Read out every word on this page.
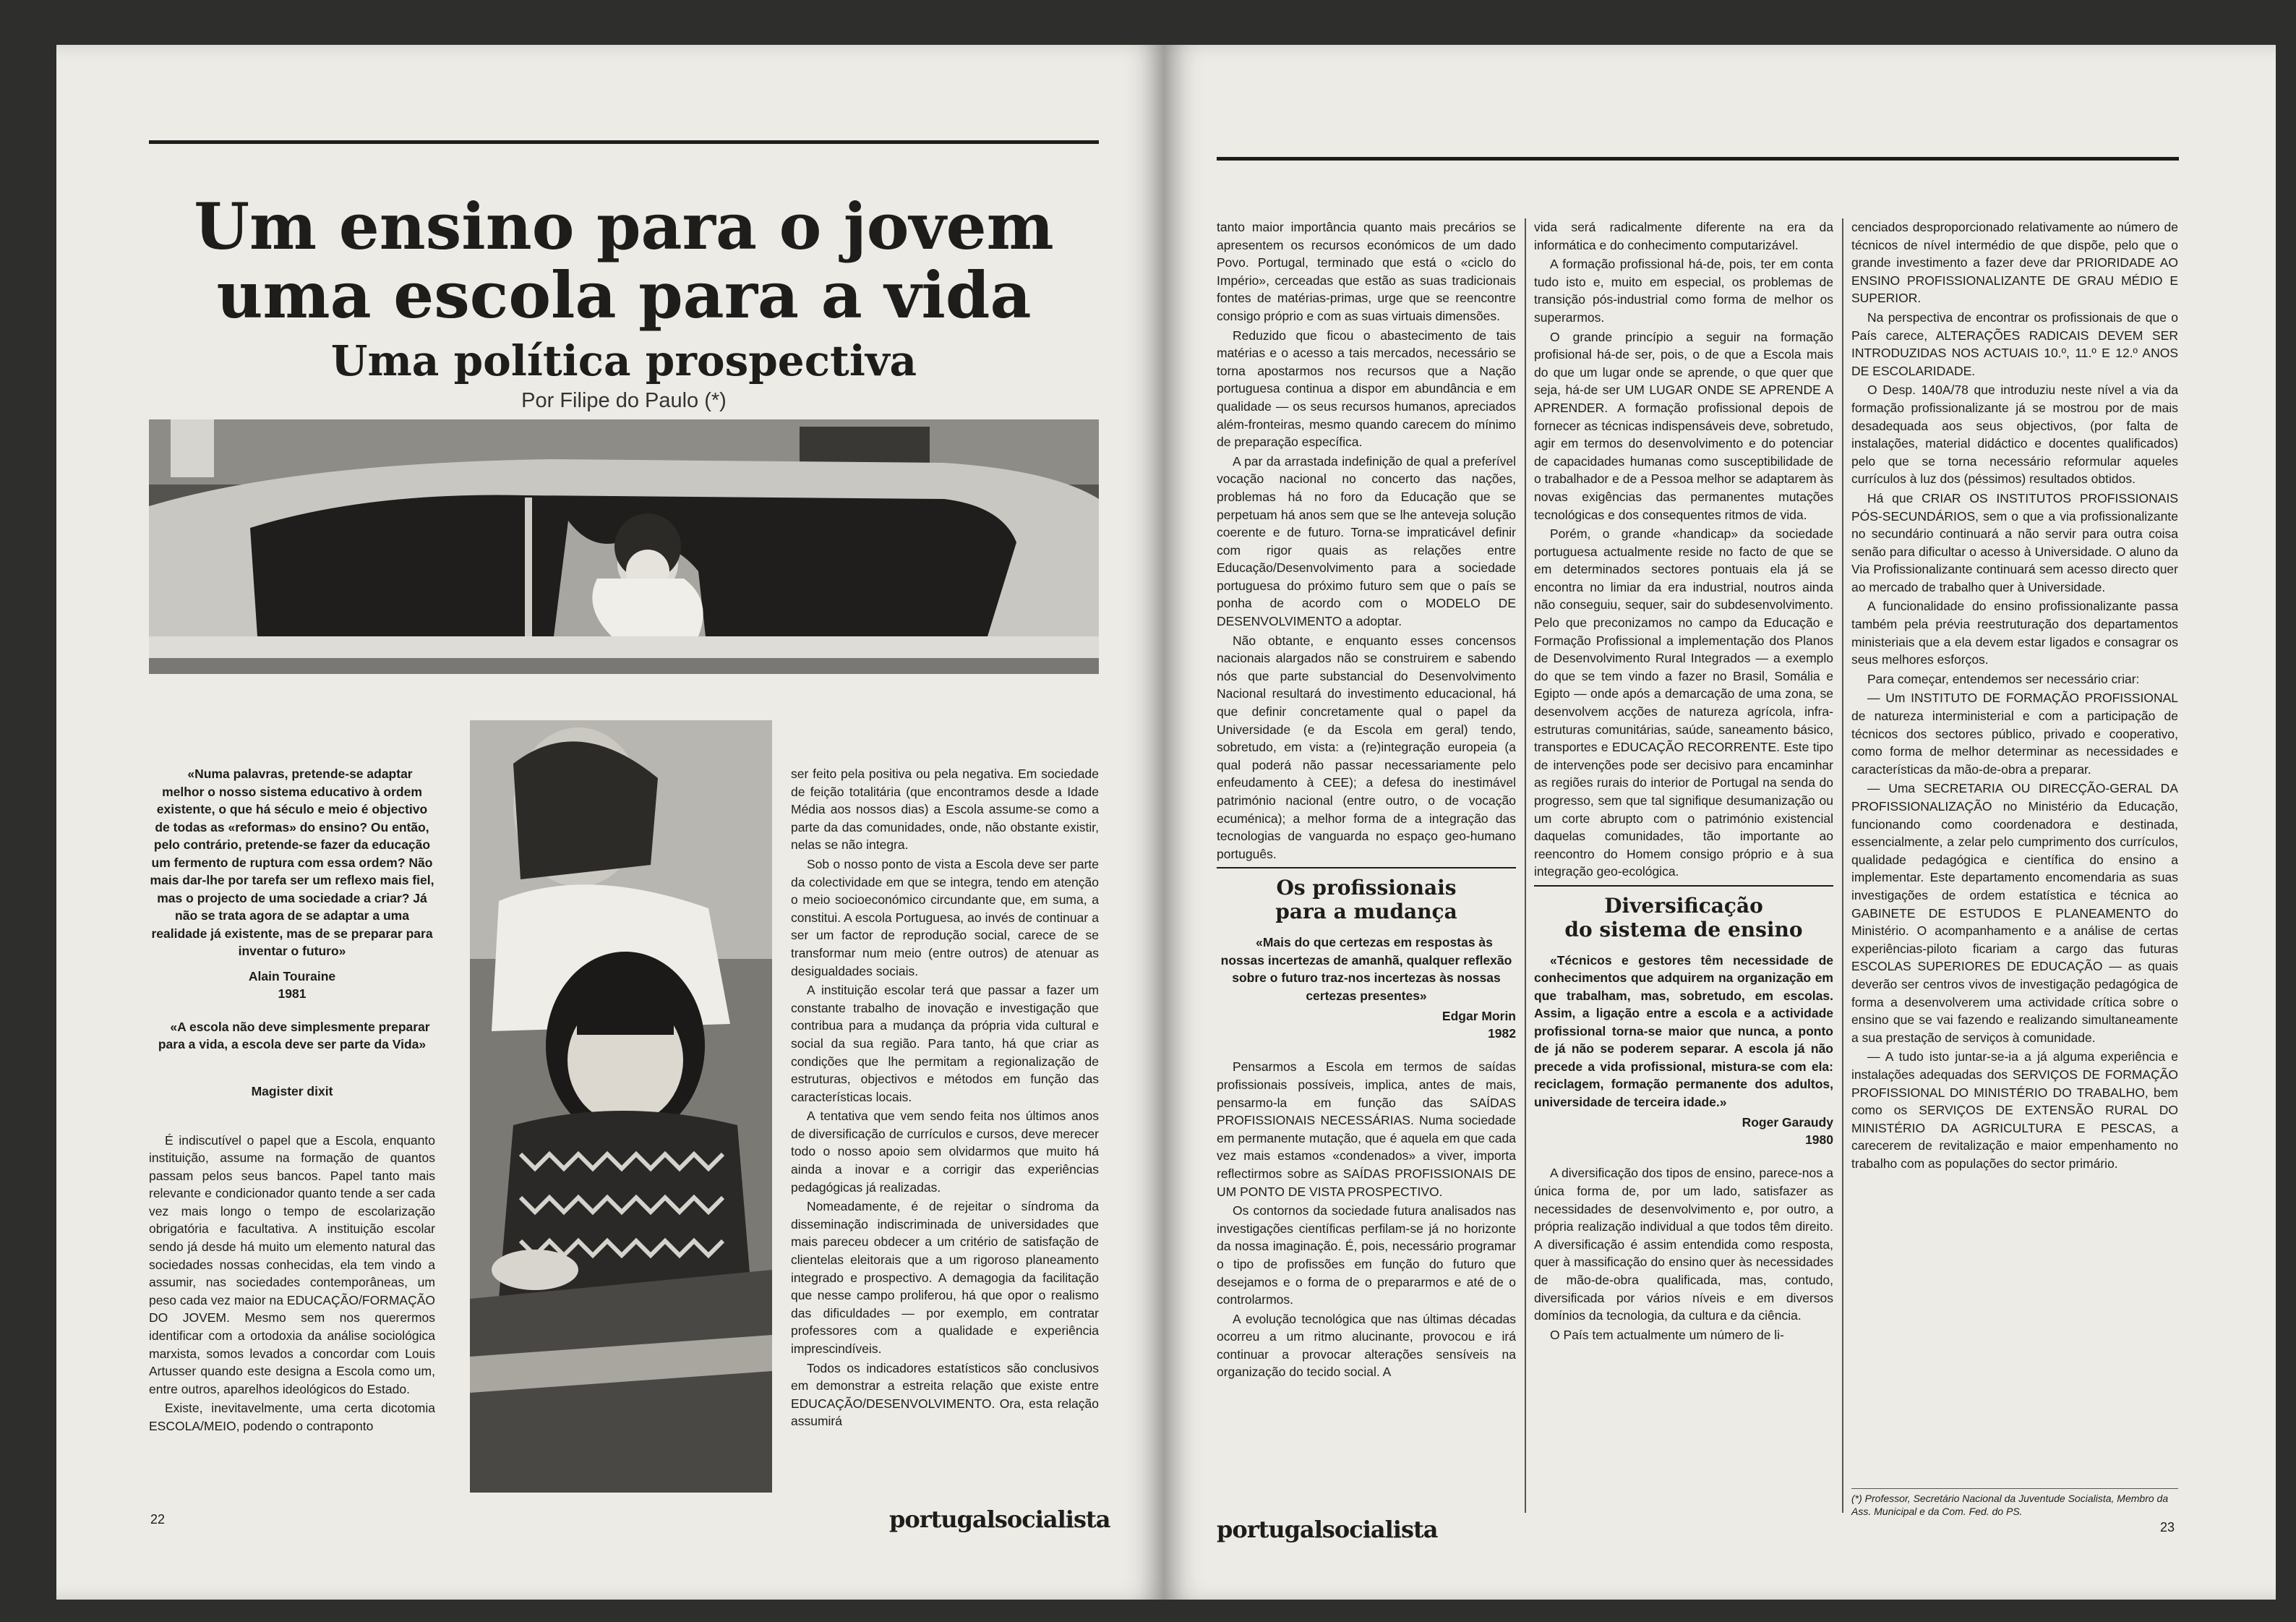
Um ensino para o jovem
uma escola para a vida
Uma política prospectiva
Por Filipe do Paulo (*)

«Numa palavras, pretende-se adaptar melhor o nosso sistema educativo à ordem existente, o que há século e meio é objectivo de todas as «reformas» do ensino? Ou então, pelo contrário, pretende-se fazer da educação um fermento de ruptura com essa ordem? Não mais dar-lhe por tarefa ser um reflexo mais fiel, mas o projecto de uma sociedade a criar? Já não se trata agora de se adaptar a uma realidade já existente, mas de se preparar para inventar o futuro»

Alain Touraine
1981

«A escola não deve simplesmente preparar para a vida, a escola deve ser parte da Vida»

Magister dixit

É indiscutível o papel que a Escola, enquanto instituição, assume na formação de quantos passam pelos seus bancos. Papel tanto mais relevante e condicionador quanto tende a ser cada vez mais longo o tempo de escolarização obrigatória e facultativa. A instituição escolar sendo já desde há muito um elemento natural das sociedades nossas conhecidas, ela tem vindo a assumir, nas sociedades contemporâneas, um peso cada vez maior na EDUCAÇÃO/FORMAÇÃO DO JOVEM. Mesmo sem nos querermos identificar com a ortodoxia da análise sociológica marxista, somos levados a concordar com Louis Artusser quando este designa a Escola como um, entre outros, aparelhos ideológicos do Estado.

Existe, inevitavelmente, uma certa dicotomia ESCOLA/MEIO, podendo o contraponto

ser feito pela positiva ou pela negativa. Em sociedade de feição totalitária (que encontramos desde a Idade Média aos nossos dias) a Escola assume-se como a parte da das comunidades, onde, não obstante existir, nelas se não integra.

Sob o nosso ponto de vista a Escola deve ser parte da colectividade em que se integra, tendo em atenção o meio socioeconómico circundante que, em suma, a constitui. A escola Portuguesa, ao invés de continuar a ser um factor de reprodução social, carece de se transformar num meio (entre outros) de atenuar as desigualdades sociais.

A instituição escolar terá que passar a fazer um constante trabalho de inovação e investigação que contribua para a mudança da própria vida cultural e social da sua região. Para tanto, há que criar as condições que lhe permitam a regionalização de estruturas, objectivos e métodos em função das características locais.

A tentativa que vem sendo feita nos últimos anos de diversificação de currículos e cursos, deve merecer todo o nosso apoio sem olvidarmos que muito há ainda a inovar e a corrigir das experiências pedagógicas já realizadas.

Nomeadamente, é de rejeitar o síndroma da disseminação indiscriminada de universidades que mais pareceu obdecer a um critério de satisfação de clientelas eleitorais que a um rigoroso planeamento integrado e prospectivo. A demagogia da facilitação que nesse campo proliferou, há que opor o realismo das dificuldades — por exemplo, em contratar professores com a qualidade e experiência imprescindíveis.

Todos os indicadores estatísticos são conclusivos em demonstrar a estreita relação que existe entre EDUCAÇÃO/DESENVOLVIMENTO. Ora, esta relação assumirá

22	portugalsocialista

tanto maior importância quanto mais precários se apresentem os recursos económicos de um dado Povo. Portugal, terminado que está o «ciclo do Império», cerceadas que estão as suas tradicionais fontes de matérias-primas, urge que se reencontre consigo próprio e com as suas virtuais dimensões.

Reduzido que ficou o abastecimento de tais matérias e o acesso a tais mercados, necessário se torna apostarmos nos recursos que a Nação portuguesa continua a dispor em abundância e em qualidade — os seus recursos humanos, apreciados além-fronteiras, mesmo quando carecem do mínimo de preparação específica.

A par da arrastada indefinição de qual a preferível vocação nacional no concerto das nações, problemas há no foro da Educação que se perpetuam há anos sem que se lhe anteveja solução coerente e de futuro. Torna-se impraticável definir com rigor quais as relações entre Educação/Desenvolvimento para a sociedade portuguesa do próximo futuro sem que o país se ponha de acordo com o MODELO DE DESENVOLVIMENTO a adoptar.

Não obtante, e enquanto esses concensos nacionais alargados não se construirem e sabendo nós que parte substancial do Desenvolvimento Nacional resultará do investimento educacional, há que definir concretamente qual o papel da Universidade (e da Escola em geral) tendo, sobretudo, em vista: a (re)integração europeia (a qual poderá não passar necessariamente pelo enfeudamento à CEE); a defesa do inestimável património nacional (entre outro, o de vocação ecuménica); a melhor forma de a integração das tecnologias de vanguarda no espaço geo-humano português.

Os profissionais
para a mudança

«Mais do que certezas em respostas às nossas incertezas de amanhã, qualquer reflexão sobre o futuro traz-nos incertezas às nossas certezas presentes»

Edgar Morin
1982

Pensarmos a Escola em termos de saídas profissionais possíveis, implica, antes de mais, pensarmo-la em função das SAÍDAS PROFISSIONAIS NECESSÁRIAS. Numa sociedade em permanente mutação, que é aquela em que cada vez mais estamos «condenados» a viver, importa reflectirmos sobre as SAÍDAS PROFISSIONAIS DE UM PONTO DE VISTA PROSPECTIVO.

Os contornos da sociedade futura analisados nas investigações científicas perfilam-se já no horizonte da nossa imaginação. É, pois, necessário programar o tipo de profissões em função do futuro que desejamos e o forma de o prepararmos e até de o controlarmos.

A evolução tecnológica que nas últimas décadas ocorreu a um ritmo alucinante, provocou e irá continuar a provocar alterações sensíveis na organização do tecido social. A

vida será radicalmente diferente na era da informática e do conhecimento computarizável.

A formação profissional há-de, pois, ter em conta tudo isto e, muito em especial, os problemas de transição pós-industrial como forma de melhor os superarmos.

O grande princípio a seguir na formação profisional há-de ser, pois, o de que a Escola mais do que um lugar onde se aprende, o que quer que seja, há-de ser UM LUGAR ONDE SE APRENDE A APRENDER. A formação profissional depois de fornecer as técnicas indispensáveis deve, sobretudo, agir em termos do desenvolvimento e do potenciar de capacidades humanas como susceptibilidade de o trabalhador e de a Pessoa melhor se adaptarem às novas exigências das permanentes mutações tecnológicas e dos consequentes ritmos de vida.

Porém, o grande «handicap» da sociedade portuguesa actualmente reside no facto de que se em determinados sectores pontuais ela já se encontra no limiar da era industrial, noutros ainda não conseguiu, sequer, sair do subdesenvolvimento. Pelo que preconizamos no campo da Educação e Formação Profissional a implementação dos Planos de Desenvolvimento Rural Integrados — a exemplo do que se tem vindo a fazer no Brasil, Somália e Egipto — onde após a demarcação de uma zona, se desenvolvem acções de natureza agrícola, infra-estruturas comunitárias, saúde, saneamento básico, transportes e EDUCAÇÃO RECORRENTE. Este tipo de intervenções pode ser decisivo para encaminhar as regiões rurais do interior de Portugal na senda do progresso, sem que tal signifique desumanização ou um corte abrupto com o património existencial daquelas comunidades, tão importante ao reencontro do Homem consigo próprio e à sua integração geo-ecológica.

Diversificação
do sistema de ensino

«Técnicos e gestores têm necessidade de conhecimentos que adquirem na organização em que trabalham, mas, sobretudo, em escolas. Assim, a ligação entre a escola e a actividade profissional torna-se maior que nunca, a ponto de já não se poderem separar. A escola já não precede a vida profissional, mistura-se com ela: reciclagem, formação permanente dos adultos, universidade de terceira idade.»

Roger Garaudy
1980

A diversificação dos tipos de ensino, parece-nos a única forma de, por um lado, satisfazer as necessidades de desenvolvimento e, por outro, a própria realização individual a que todos têm direito. A diversificação é assim entendida como resposta, quer à massificação do ensino quer às necessidades de mão-de-obra qualificada, mas, contudo, diversificada por vários níveis e em diversos domínios da tecnologia, da cultura e da ciência.

O País tem actualmente um número de li-

cenciados desproporcionado relativamente ao número de técnicos de nível intermédio de que dispõe, pelo que o grande investimento a fazer deve dar PRIORIDADE AO ENSINO PROFISSIONALIZANTE DE GRAU MÉDIO E SUPERIOR.

Na perspectiva de encontrar os profissionais de que o País carece, ALTERAÇÕES RADICAIS DEVEM SER INTRODUZIDAS NOS ACTUAIS 10.º, 11.º E 12.º ANOS DE ESCOLARIDADE.

O Desp. 140A/78 que introduziu neste nível a via da formação profissionalizante já se mostrou por de mais desadequada aos seus objectivos, (por falta de instalações, material didáctico e docentes qualificados) pelo que se torna necessário reformular aqueles currículos à luz dos (péssimos) resultados obtidos.

Há que CRIAR OS INSTITUTOS PROFISSIONAIS PÓS-SECUNDÁRIOS, sem o que a via profissionalizante no secundário continuará a não servir para outra coisa senão para dificultar o acesso à Universidade. O aluno da Via Profissionalizante continuará sem acesso directo quer ao mercado de trabalho quer à Universidade.

A funcionalidade do ensino profissionalizante passa também pela prévia reestruturação dos departamentos ministeriais que a ela devem estar ligados e consagrar os seus melhores esforços.

Para começar, entendemos ser necessário criar:

— Um INSTITUTO DE FORMAÇÃO PROFISSIONAL de natureza interministerial e com a participação de técnicos dos sectores público, privado e cooperativo, como forma de melhor determinar as necessidades e características da mão-de-obra a preparar.

— Uma SECRETARIA OU DIRECÇÃO-GERAL DA PROFISSIONALIZAÇÃO no Ministério da Educação, funcionando como coordenadora e destinada, essencialmente, a zelar pelo cumprimento dos currículos, qualidade pedagógica e científica do ensino a implementar. Este departamento encomendaria as suas investigações de ordem estatística e técnica ao GABINETE DE ESTUDOS E PLANEAMENTO do Ministério. O acompanhamento e a análise de certas experiências-piloto ficariam a cargo das futuras ESCOLAS SUPERIORES DE EDUCAÇÃO — as quais deverão ser centros vivos de investigação pedagógica de forma a desenvolverem uma actividade crítica sobre o ensino que se vai fazendo e realizando simultaneamente a sua prestação de serviços à comunidade.

— A tudo isto juntar-se-ia a já alguma experiência e instalações adequadas dos SERVIÇOS DE FORMAÇÃO PROFISSIONAL DO MINISTÉRIO DO TRABALHO, bem como os SERVIÇOS DE EXTENSÃO RURAL DO MINISTÉRIO DA AGRICULTURA E PESCAS, a carecerem de revitalização e maior empenhamento no trabalho com as populações do sector primário.

(*) Professor, Secretário Nacional da Juventude Socialista, Membro da Ass. Municipal e da Com. Fed. do PS.
portugalsocialista	23
